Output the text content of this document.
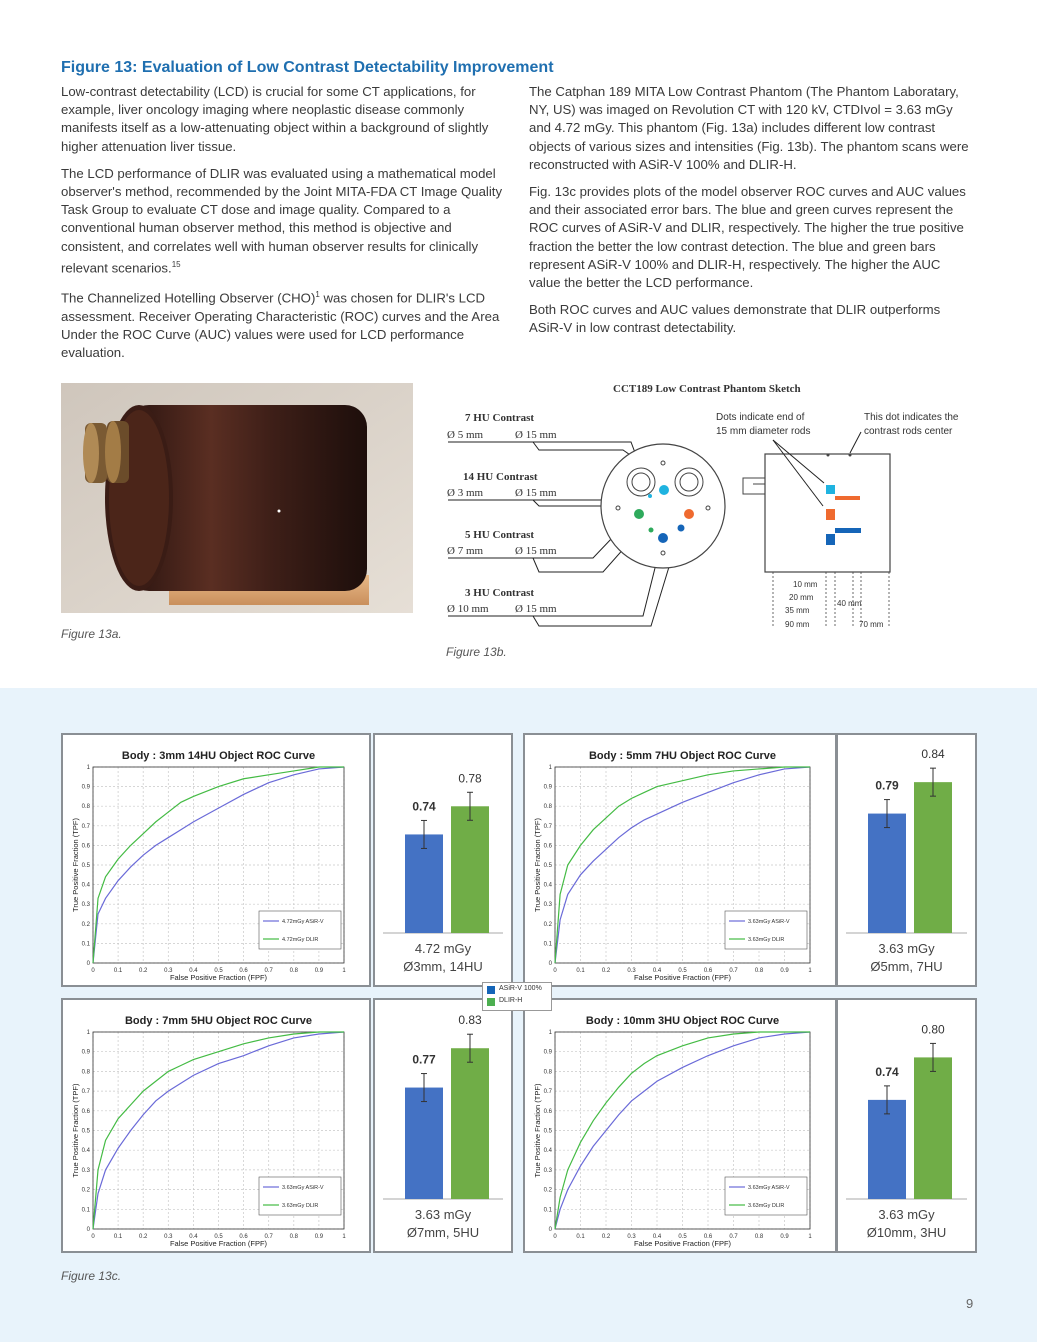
Figure 13: Evaluation of Low Contrast Detectability Improvement

Low-contrast detectability (LCD) is crucial for some CT applications, for example, liver oncology imaging where neoplastic disease commonly manifests itself as a low-attenuating object within a background of slightly higher attenuation liver tissue.

The LCD performance of DLIR was evaluated using a mathematical model observer's method, recommended by the Joint MITA-FDA CT Image Quality Task Group to evaluate CT dose and image quality. Compared to a conventional human observer method, this method is objective and consistent, and correlates well with human observer results for clinically relevant scenarios.$^{15}$

The Channelized Hotelling Observer (CHO)$^1$ was chosen for DLIR's LCD assessment. Receiver Operating Characteristic (ROC) curves and the Area Under the ROC Curve (AUC) values were used for LCD performance evaluation.

The Catphan 189 MITA Low Contrast Phantom (The Phantom Laboratary, NY, US) was imaged on Revolution CT with 120 kV, CTDIvol = 3.63 mGy and 4.72 mGy. This phantom (Fig. 13a) includes different low contrast objects of various sizes and intensities (Fig. 13b). The phantom scans were reconstructed with ASiR-V 100% and DLIR-H.

Fig. 13c provides plots of the model observer ROC curves and AUC values and their associated error bars. The blue and green curves represent the ROC curves of ASiR-V and DLIR, respectively. The higher the true positive fraction the better the low contrast detection. The blue and green bars represent ASiR-V 100% and DLIR-H, respectively. The higher the AUC value the better the LCD performance.

Both ROC curves and AUC values demonstrate that DLIR outperforms ASiR-V in low contrast detectability.

Figure 13a.
CCT189 Low Contrast Phantom Sketch
7 HU Contrast
Ø 5 mm	Ø 15 mm
14 HU Contrast
Ø 3 mm	Ø 15 mm
5 HU Contrast
Ø 7 mm	Ø 15 mm
3 HU Contrast
Ø 10 mm Ø 15 mm
Dots indicate end of
15 mm diameter rods
This dot indicates the
contrast rods center
10 mm
20 mm
35 mm
90 mm
40 mm
70 mm
Figure 13b.
Body : 3mm 14HU Object ROC Curve
0
0
0.1
0.1
0.2
0.2
0.3
0.3
0.4
0.4
0.5
0.5
0.6
0.6
0.7
0.7
0.8
0.8
0.9
0.9
1
1
False Positive Fraction (FPF)
True Positive Fraction (TPF)
4.72mGy ASiR-V
4.72mGy DLIR
Body : 5mm 7HU Object ROC Curve
0
0
0.1
0.1
0.2
0.2
0.3
0.3
0.4
0.4
0.5
0.5
0.6
0.6
0.7
0.7
0.8
0.8
0.9
0.9
1
1
False Positive Fraction (FPF)
True Positive Fraction (TPF)
3.63mGy ASiR-V
3.63mGy DLIR
Body : 7mm 5HU Object ROC Curve
0
0
0.1
0.1
0.2
0.2
0.3
0.3
0.4
0.4
0.5
0.5
0.6
0.6
0.7
0.7
0.8
0.8
0.9
0.9
1
1
False Positive Fraction (FPF)
True Positive Fraction (TPF)
3.63mGy ASiR-V
3.63mGy DLIR
Body : 10mm 3HU Object ROC Curve
0
0
0.1
0.1
0.2
0.2
0.3
0.3
0.4
0.4
0.5
0.5
0.6
0.6
0.7
0.7
0.8
0.8
0.9
0.9
1
1
False Positive Fraction (FPF)
True Positive Fraction (TPF)
3.63mGy ASiR-V
3.63mGy DLIR
0.74
0.78
4.72 mGy
Ø3mm, 14HU
0.79
0.84
3.63 mGy
Ø5mm, 7HU
0.77
0.83
3.63 mGy
Ø7mm, 5HU
0.74
0.80
3.63 mGy
Ø10mm, 3HU
ASiR-V 100%
DLIR-H
Figure 13c.
9
